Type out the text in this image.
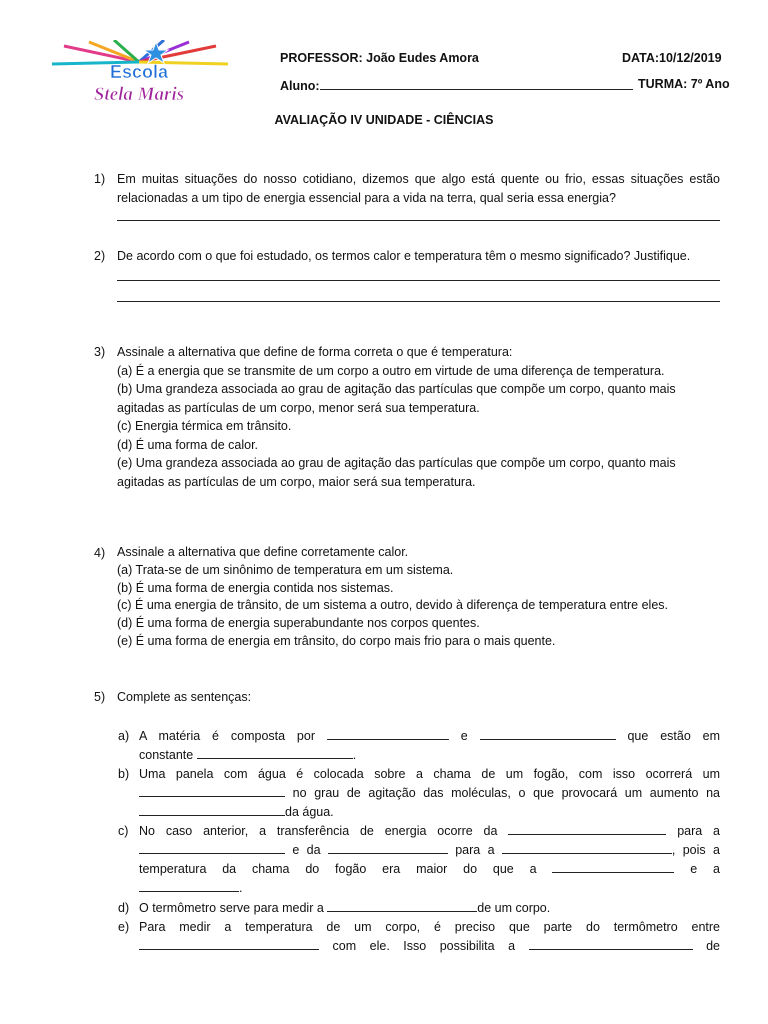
Escola
Stela Maris
PROFESSOR: João Eudes Amora	DATA:10/12/2019
Aluno:	TURMA: 7º Ano
AVALIAÇÃO IV UNIDADE - CIÊNCIAS
1) Em muitas situações do nosso cotidiano, dizemos que algo está quente ou frio, essas situações estão relacionadas a um tipo de energia essencial para a vida na terra, qual seria essa energia?
2) De acordo com o que foi estudado, os termos calor e temperatura têm o mesmo significado? Justifique.
3) Assinale a alternativa que define de forma correta o que é temperatura:
(a) É a energia que se transmite de um corpo a outro em virtude de uma diferença de temperatura.
(b) Uma grandeza associada ao grau de agitação das partículas que compõe um corpo, quanto mais agitadas as partículas de um corpo, menor será sua temperatura.
(c) Energia térmica em trânsito.
(d) É uma forma de calor.
(e) Uma grandeza associada ao grau de agitação das partículas que compõe um corpo, quanto mais agitadas as partículas de um corpo, maior será sua temperatura.
4) Assinale a alternativa que define corretamente calor.
(a) Trata-se de um sinônimo de temperatura em um sistema.
(b) É uma forma de energia contida nos sistemas.
(c) É uma energia de trânsito, de um sistema a outro, devido à diferença de temperatura entre eles.
(d) É uma forma de energia superabundante nos corpos quentes.
(e) É uma forma de energia em trânsito, do corpo mais frio para o mais quente.
5) Complete as sentenças:
a) A matéria é composta por	e	que estão em
constante	.
b) Uma panela com água é colocada sobre a chama de um fogão, com isso ocorrerá um
no grau de agitação das moléculas, o que provocará um aumento na
da água.
c) No caso anterior, a transferência de energia ocorre da	para a
e da	para a	, pois a
temperatura da chama do fogão era maior do que a	e a
.
d) O termômetro serve para medir a	de um corpo.
e) Para medir a temperatura de um corpo, é preciso que parte do termômetro entre
com ele. Isso possibilita a	de
